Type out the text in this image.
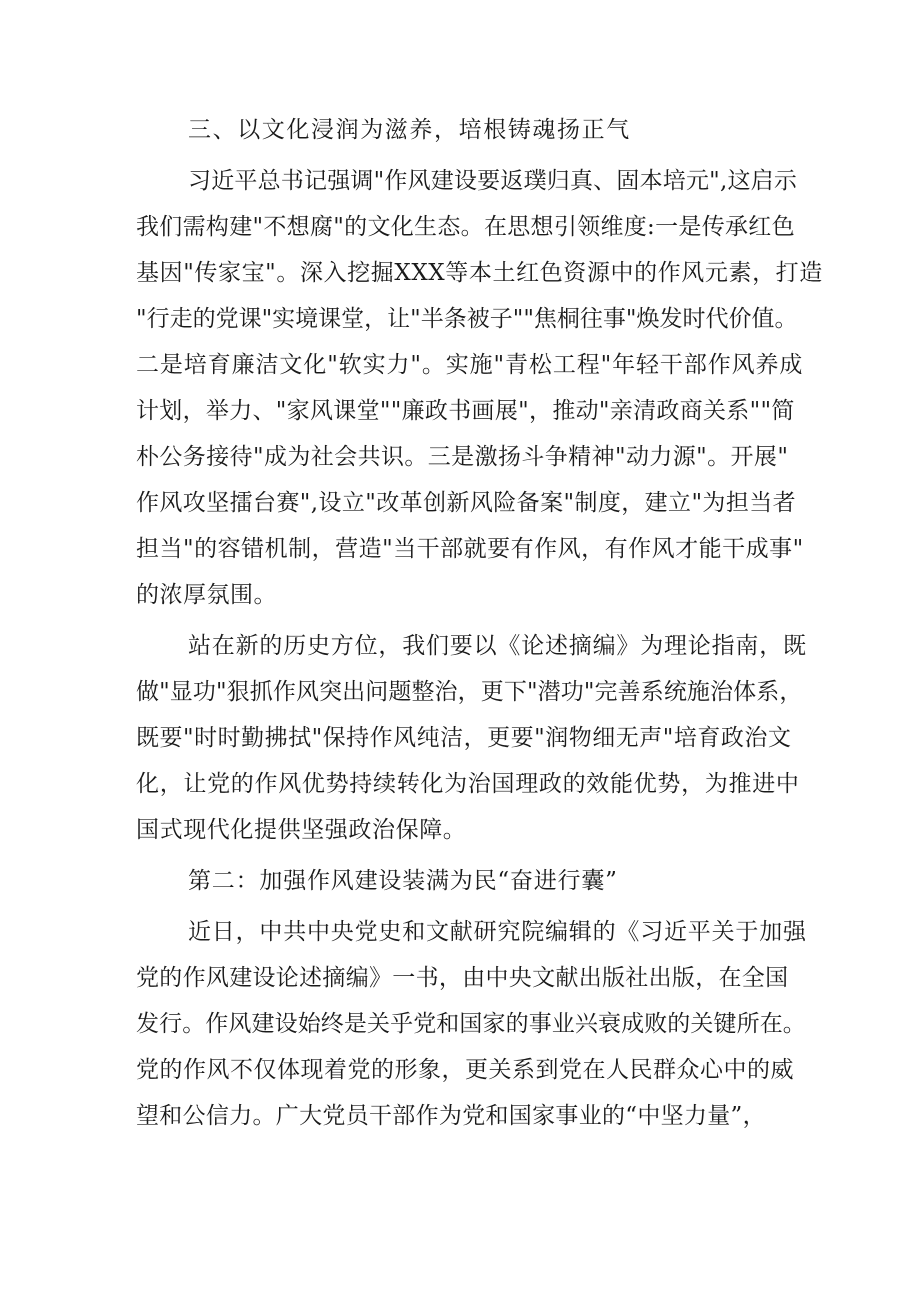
三、以文化浸润为滋养，培根铸魂扬正气
习近平总书记强调"作风建设要返璞归真、固本培元",这启示
我们需构建"不想腐"的文化生态。在思想引领维度:一是传承红色
基因"传家宝"。深入挖掘XXX等本土红色资源中的作风元素，打造
"行走的党课"实境课堂，让"半条被子""焦桐往事"焕发时代价值。
二是培育廉洁文化"软实力"。实施"青松工程"年轻干部作风养成
计划，举力、"家风课堂""廉政书画展"，推动"亲清政商关系""简
朴公务接待"成为社会共识。三是激扬斗争精神"动力源"。开展"
作风攻坚擂台赛",设立"改革创新风险备案"制度，建立"为担当者
担当"的容错机制，营造"当干部就要有作风，有作风才能干成事"
的浓厚氛围。
站在新的历史方位，我们要以《论述摘编》为理论指南，既
做"显功"狠抓作风突出问题整治，更下"潜功"完善系统施治体系，
既要"时时勤拂拭"保持作风纯洁，更要"润物细无声"培育政治文
化，让党的作风优势持续转化为治国理政的效能优势，为推进中
国式现代化提供坚强政治保障。
第二：加强作风建设装满为民“奋进行囊”
近日，中共中央党史和文献研究院编辑的《习近平关于加强
党的作风建设论述摘编》一书，由中央文献出版社出版，在全国
发行。作风建设始终是关乎党和国家的事业兴衰成败的关键所在。
党的作风不仅体现着党的形象，更关系到党在人民群众心中的威
望和公信力。广大党员干部作为党和国家事业的“中坚力量”，
